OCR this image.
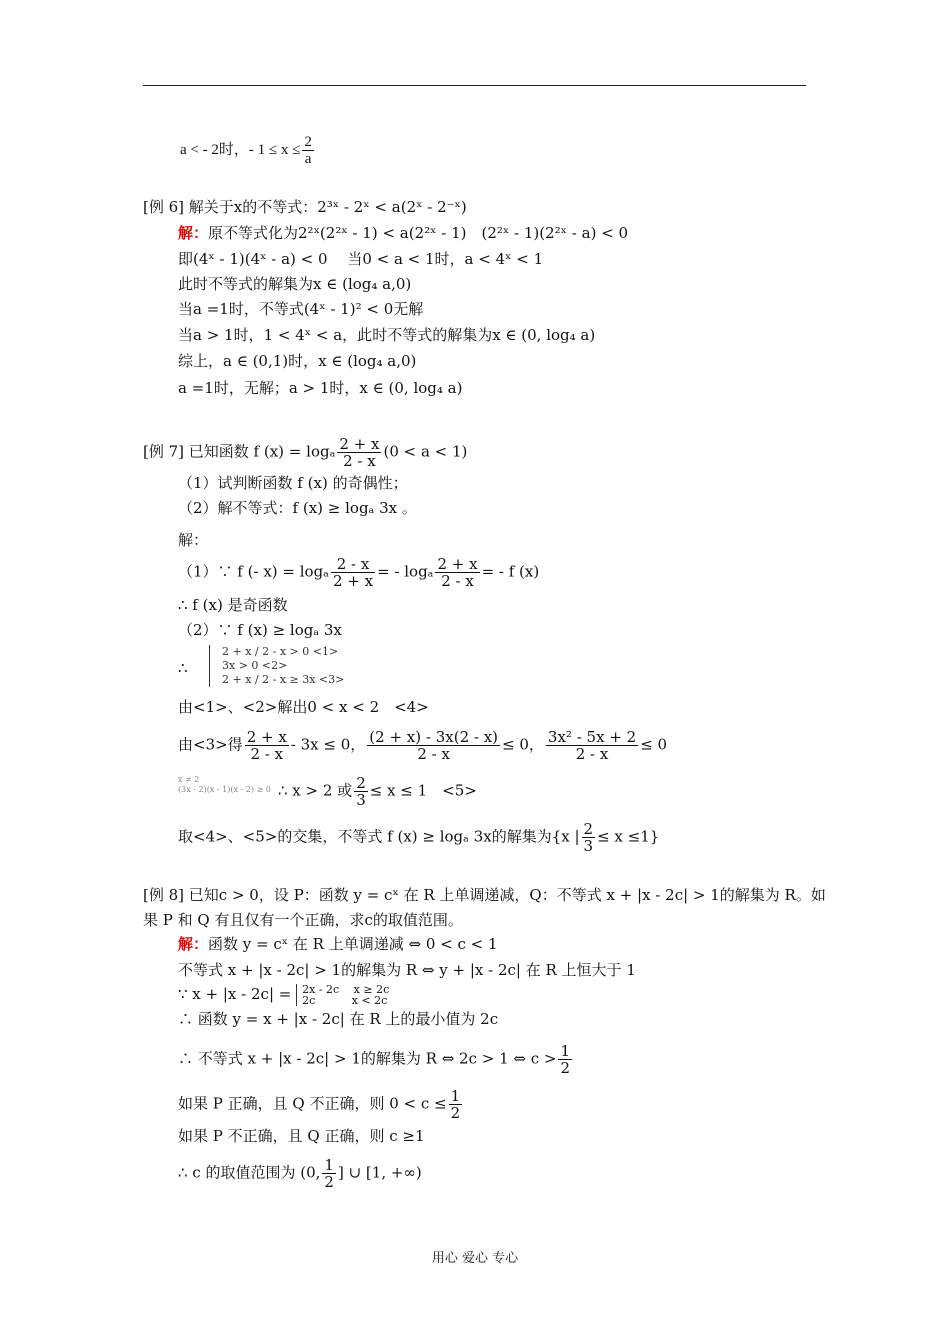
a < - 2时，- $1 \le x \le \frac{2}{a}$
[例 6] 解关于x的不等式：2³ˣ - 2ˣ < a(2ˣ - 2⁻ˣ)
解：原不等式化为2²ˣ(2²ˣ - 1) < a(2²ˣ - 1)　(2²ˣ - 1)(2²ˣ - a) < 0
即(4ˣ - 1)(4ˣ - a) < 0　 当0 < a < 1时，a < 4ˣ < 1
此时不等式的解集为x ∈ (log₄ a,0)
当a =1时，不等式(4ˣ - 1)² < 0无解
当a > 1时，1 < 4ˣ < a，此时不等式的解集为x ∈ (0, log₄ a)
综上，a ∈ (0,1)时，x ∈ (log₄ a,0)
a =1时，无解；a > 1时，x ∈ (0, log₄ a)
[例 7] 已知函数 f (x) = logₐ $\frac{2 + x}{2 - x} (0 < a < 1)$
（1）试判断函数 f (x) 的奇偶性；
（2）解不等式：f (x) ≥ logₐ 3x 。
解：
（1）∵ f (- x) = logₐ $\frac{2 - x}{2 + x}$ = - logₐ $\frac{2 + x}{2 - x}$ = - f (x)
∴ f (x) 是奇函数
（2）∵ f (x) ≥ logₐ 3x
∴
2 + x / 2 - x > 0 <1>
3x > 0 <2>
2 + x / 2 - x ≥ 3x <3>
由<1>、<2>解出0 < x < 2　<4>
由<3>得 $\frac{2 + x}{2 - x} - 3x \le 0$， $\frac{(2 + x) - 3x(2 - x)}{2 - x} \le 0$， $\frac{\text{3x² - 5x + 2}}{2 - x} \le 0$
x ≠ 2
(3x - 2)(x - 1)(x - 2) ≥ 0 ∴ x > 2 或 $\frac{2}{3} \le x \le 1$　<5>
取<4>、<5>的交集，不等式 f (x) ≥ logₐ 3x的解集为{x | $\frac{2}{3} \le x \le 1$}
[例 8] 已知c > 0，设 P：函数 y = cˣ 在 R 上单调递减，Q：不等式 x + |x - 2c| > 1的解集为 R。如
果 P 和 Q 有且仅有一个正确，求c的取值范围。
解：函数 y = cˣ 在 R 上单调递减 ⇔ 0 < c < 1
不等式 x + |x - 2c| > 1的解集为 R ⇔ y + |x - 2c| 在 R 上恒大于 1
∵ x + |x - 2c| = 2x - 2c　 x ≥ 2c
2c　　　 x < 2c
∴ 函数 y = x + |x - 2c| 在 R 上的最小值为 2c
∴ 不等式 x + |x - 2c| > 1的解集为 R ⇔ 2c > 1 ⇔ $c > \frac{1}{2}$
如果 P 正确，且 Q 不正确，则 $0 < c \le \frac{1}{2}$
如果 P 不正确，且 Q 正确，则 c ≥1
∴ c 的取值范围为 (0, $\frac{1}{2}$ ] ∪ [1, +∞)
用心 爱心 专心
